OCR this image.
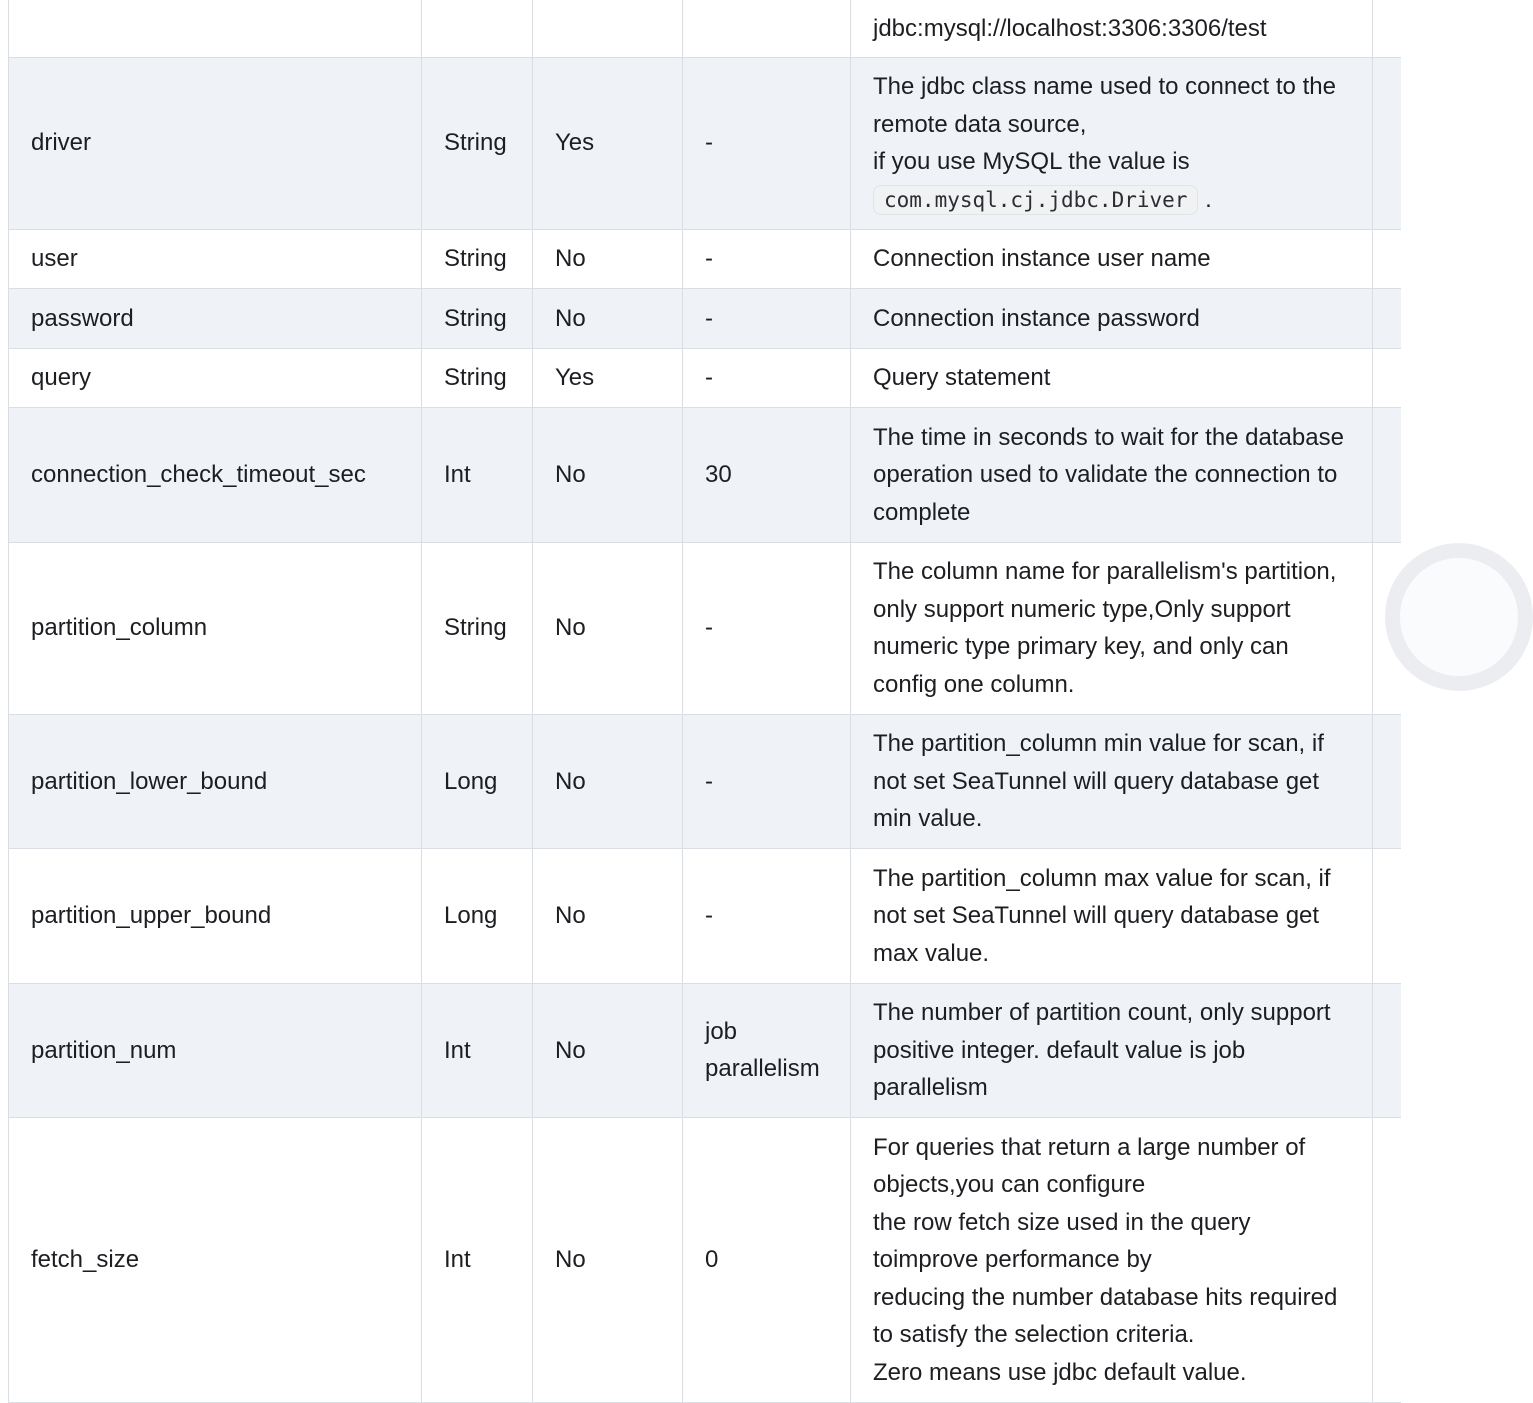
			jdbc:mysql://localhost:3306:3306/test	
driver	String	Yes	-	The jdbc class name used to connect to the remote data source,
if you use MySQL the value is com.mysql.cj.jdbc.Driver .	
user	String	No	-	Connection instance user name	
password	String	No	-	Connection instance password	
query	String	Yes	-	Query statement	
connection_check_timeout_sec	Int	No	30	The time in seconds to wait for the database operation used to validate the connection to complete	
partition_column	String	No	-	The column name for parallelism's partition, only support numeric type,Only support numeric type primary key, and only can config one column.	
partition_lower_bound	Long	No	-	The partition_column min value for scan, if not set SeaTunnel will query database get min value.	
partition_upper_bound	Long	No	-	The partition_column max value for scan, if not set SeaTunnel will query database get max value.	
partition_num	Int	No	job parallelism	The number of partition count, only support positive integer. default value is job parallelism	
fetch_size	Int	No	0	For queries that return a large number of objects,you can configure
the row fetch size used in the query toimprove performance by
reducing the number database hits required to satisfy the selection criteria.
Zero means use jdbc default value.	
